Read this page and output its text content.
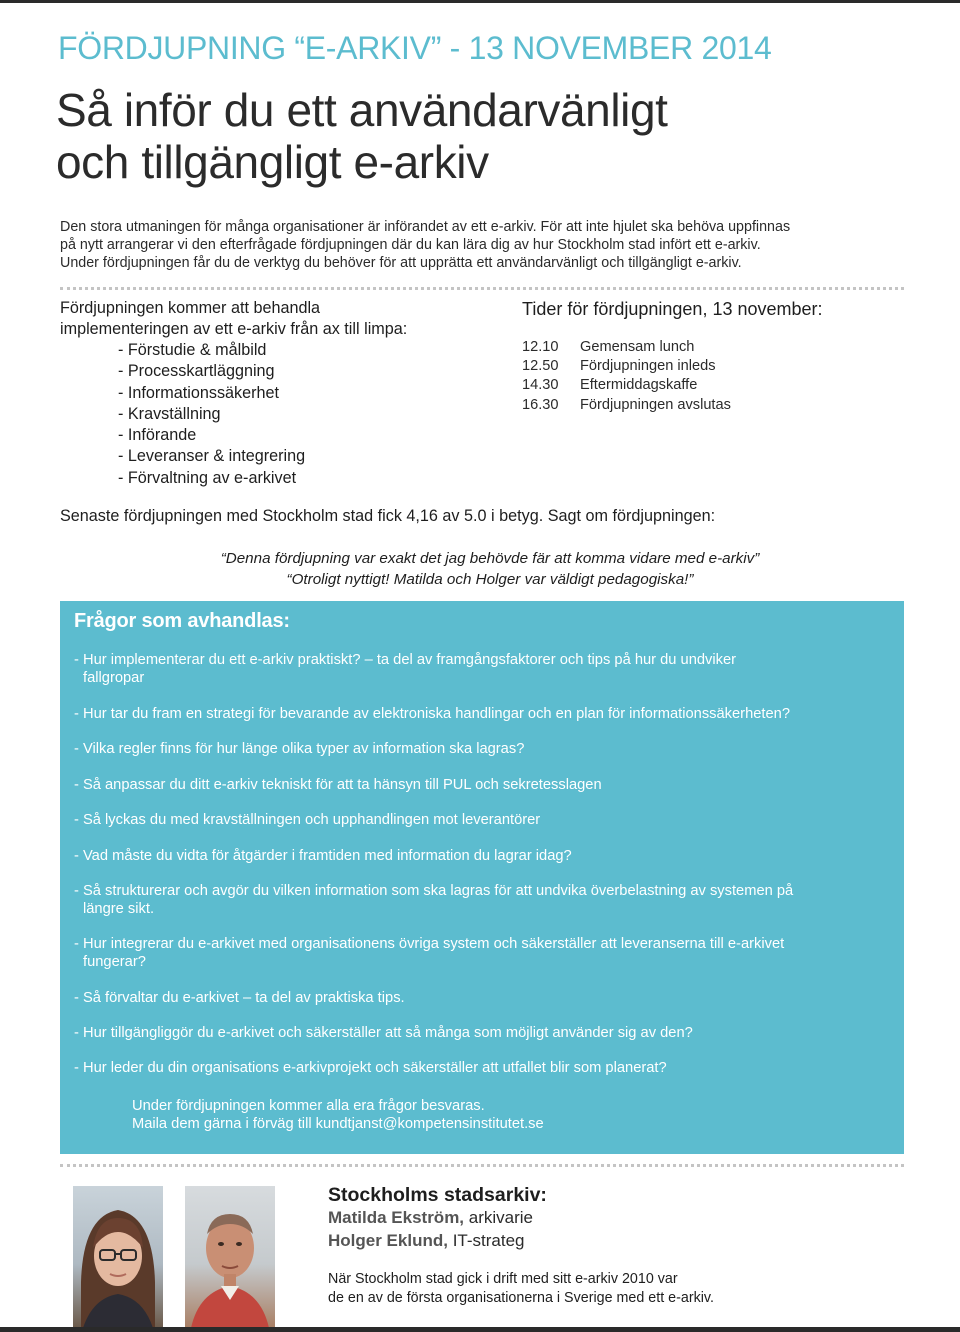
FÖRDJUPNING “E-ARKIV” - 13 NOVEMBER 2014
Så inför du ett användarvänligt
och tillgängligt e-arkiv
Den stora utmaningen för många organisationer är införandet av ett e-arkiv. För att inte hjulet ska behöva uppfinnas
på nytt arrangerar vi den efterfrågade fördjupningen där du kan lära dig av hur Stockholm stad infört ett e-arkiv.
Under fördjupningen får du de verktyg du behöver för att upprätta ett användarvänligt och tillgängligt e-arkiv.
Fördjupningen kommer att behandla
implementeringen av ett e-arkiv från ax till limpa:
- Förstudie & målbild
- Processkartläggning
- Informationssäkerhet
- Kravställning
- Införande
- Leveranser & integrering
- Förvaltning av e-arkivet
Tider för fördjupningen, 13 november:
12.10	Gemensam lunch
12.50	Fördjupningen inleds
14.30	Eftermiddagskaffe
16.30	Fördjupningen avslutas
Senaste fördjupningen med Stockholm stad fick 4,16 av 5.0 i betyg. Sagt om fördjupningen:
“Denna fördjupning var exakt det jag behövde fär att komma vidare med e-arkiv”
“Otroligt nyttigt! Matilda och Holger var väldigt pedagogiska!”
Frågor som avhandlas:
- Hur implementerar du ett e-arkiv praktiskt? – ta del av framgångsfaktorer och tips på hur du undviker
fallgropar
- Hur tar du fram en strategi för bevarande av elektroniska handlingar och en plan för informationssäkerheten?
- Vilka regler finns för hur länge olika typer av information ska lagras?
- Så anpassar du ditt e-arkiv tekniskt för att ta hänsyn till PUL och sekretesslagen
- Så lyckas du med kravställningen och upphandlingen mot leverantörer
- Vad måste du vidta för åtgärder i framtiden med information du lagrar idag?
- Så strukturerar och avgör du vilken information som ska lagras för att undvika överbelastning av systemen på
längre sikt.
- Hur integrerar du e-arkivet med organisationens övriga system och säkerställer att leveranserna till e-arkivet
fungerar?
- Så förvaltar du e-arkivet – ta del av praktiska tips.
- Hur tillgängliggör du e-arkivet och säkerställer att så många som möjligt använder sig av den?
- Hur leder du din organisations e-arkivprojekt och säkerställer att utfallet blir som planerat?
Under fördjupningen kommer alla era frågor besvaras.
Maila dem gärna i förväg till kundtjanst@kompetensinstitutet.se
Stockholms stadsarkiv:
Matilda Ekström, arkivarie
Holger Eklund, IT-strateg
När Stockholm stad gick i drift med sitt e-arkiv 2010 var
de en av de första organisationerna i Sverige med ett e-arkiv.
